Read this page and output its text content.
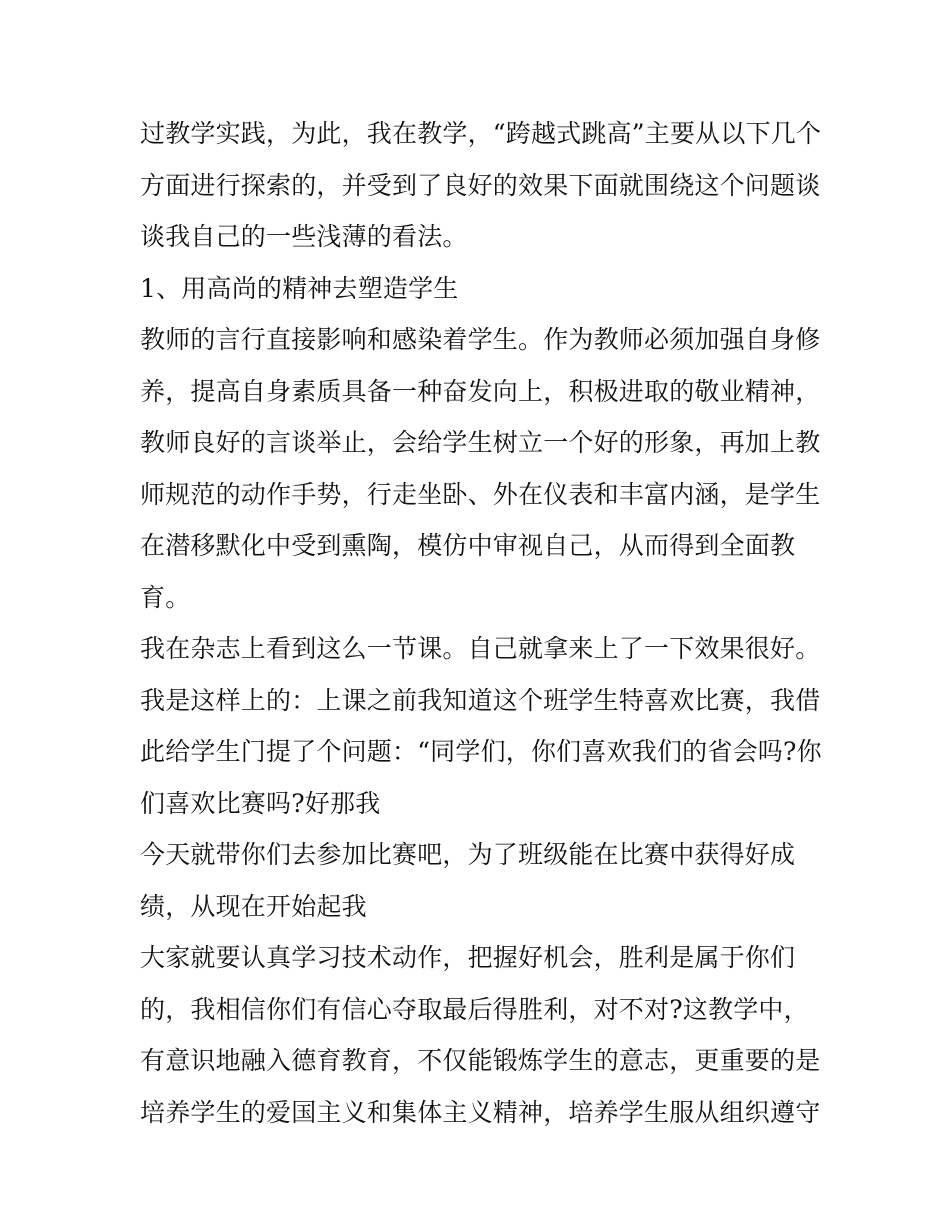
过教学实践，为此，我在教学，“跨越式跳高”主要从以下几个
方面进行探索的，并受到了良好的效果下面就围绕这个问题谈
谈我自己的一些浅薄的看法。
1、用高尚的精神去塑造学生
教师的言行直接影响和感染着学生。作为教师必须加强自身修
养，提高自身素质具备一种奋发向上，积极进取的敬业精神，
教师良好的言谈举止，会给学生树立一个好的形象，再加上教
师规范的动作手势，行走坐卧、外在仪表和丰富内涵，是学生
在潜移默化中受到熏陶，模仿中审视自己，从而得到全面教
育。
我在杂志上看到这么一节课。自己就拿来上了一下效果很好。
我是这样上的：上课之前我知道这个班学生特喜欢比赛，我借
此给学生门提了个问题：“同学们，你们喜欢我们的省会吗?你
们喜欢比赛吗?好那我
今天就带你们去参加比赛吧，为了班级能在比赛中获得好成
绩，从现在开始起我
大家就要认真学习技术动作，把握好机会，胜利是属于你们
的，我相信你们有信心夺取最后得胜利，对不对?这教学中，
有意识地融入德育教育，不仅能锻炼学生的意志，更重要的是
培养学生的爱国主义和集体主义精神，培养学生服从组织遵守
